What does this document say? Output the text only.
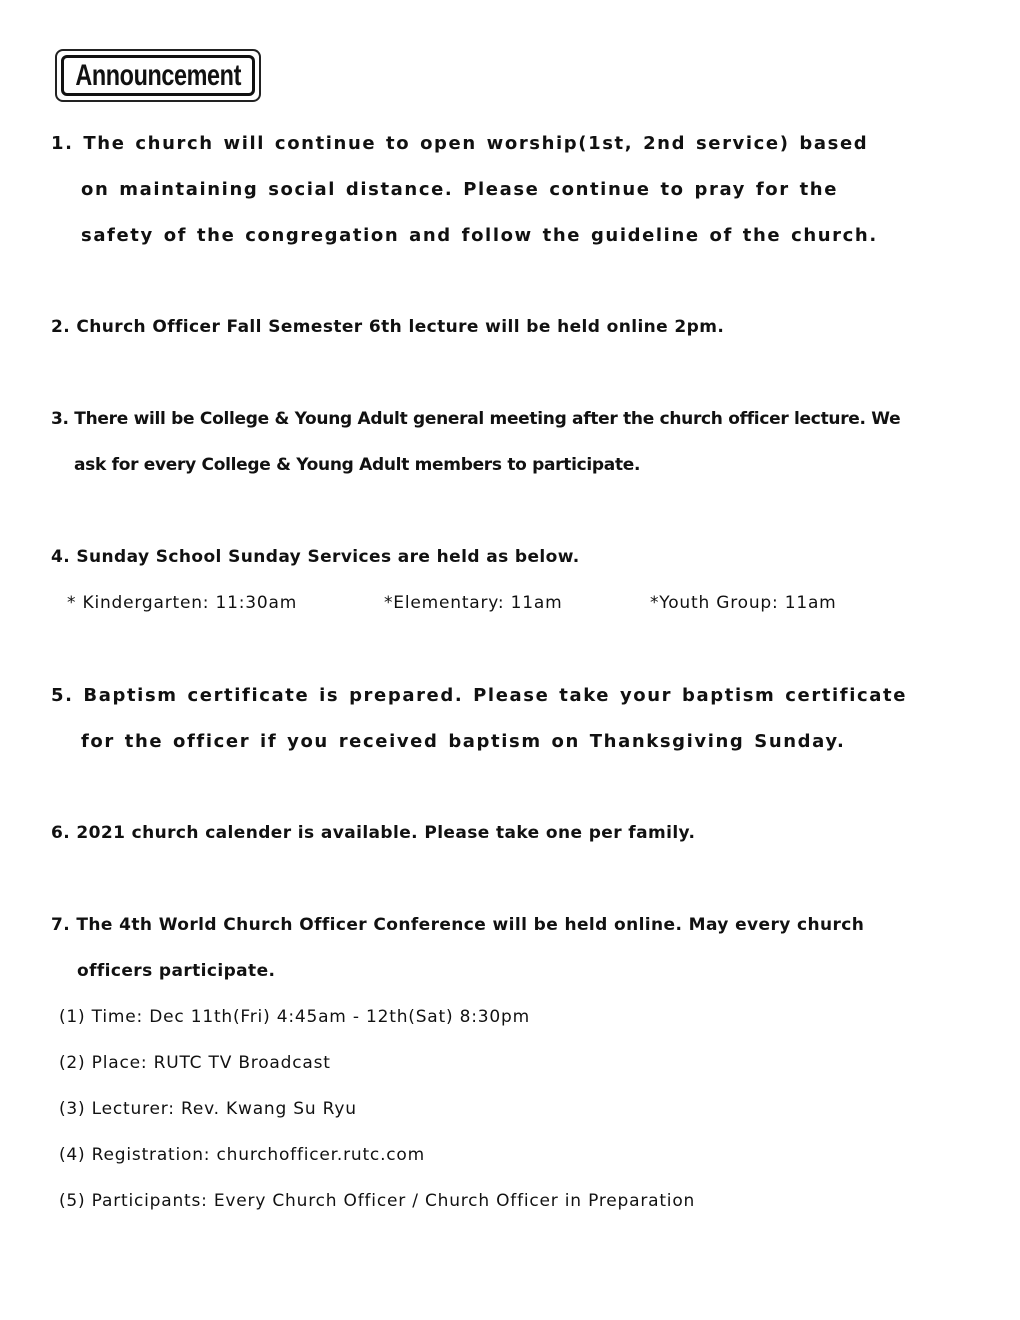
Announcement
1. The church will continue to open worship(1st, 2nd service) based
on maintaining social distance. Please continue to pray for the
safety of the congregation and follow the guideline of the church.
2. Church Officer Fall Semester 6th lecture will be held online 2pm.
3. There will be College & Young Adult general meeting after the church officer lecture. We
ask for every College & Young Adult members to participate.
4. Sunday School Sunday Services are held as below.
* Kindergarten: 11:30am	*Elementary: 11am	*Youth Group: 11am
5. Baptism certificate is prepared. Please take your baptism certificate
for the officer if you received baptism on Thanksgiving Sunday.
6. 2021 church calender is available. Please take one per family.
7. The 4th World Church Officer Conference will be held online. May every church
officers participate.
(1) Time: Dec 11th(Fri) 4:45am - 12th(Sat) 8:30pm
(2) Place: RUTC TV Broadcast
(3) Lecturer: Rev. Kwang Su Ryu
(4) Registration: churchofficer.rutc.com
(5) Participants: Every Church Officer / Church Officer in Preparation
